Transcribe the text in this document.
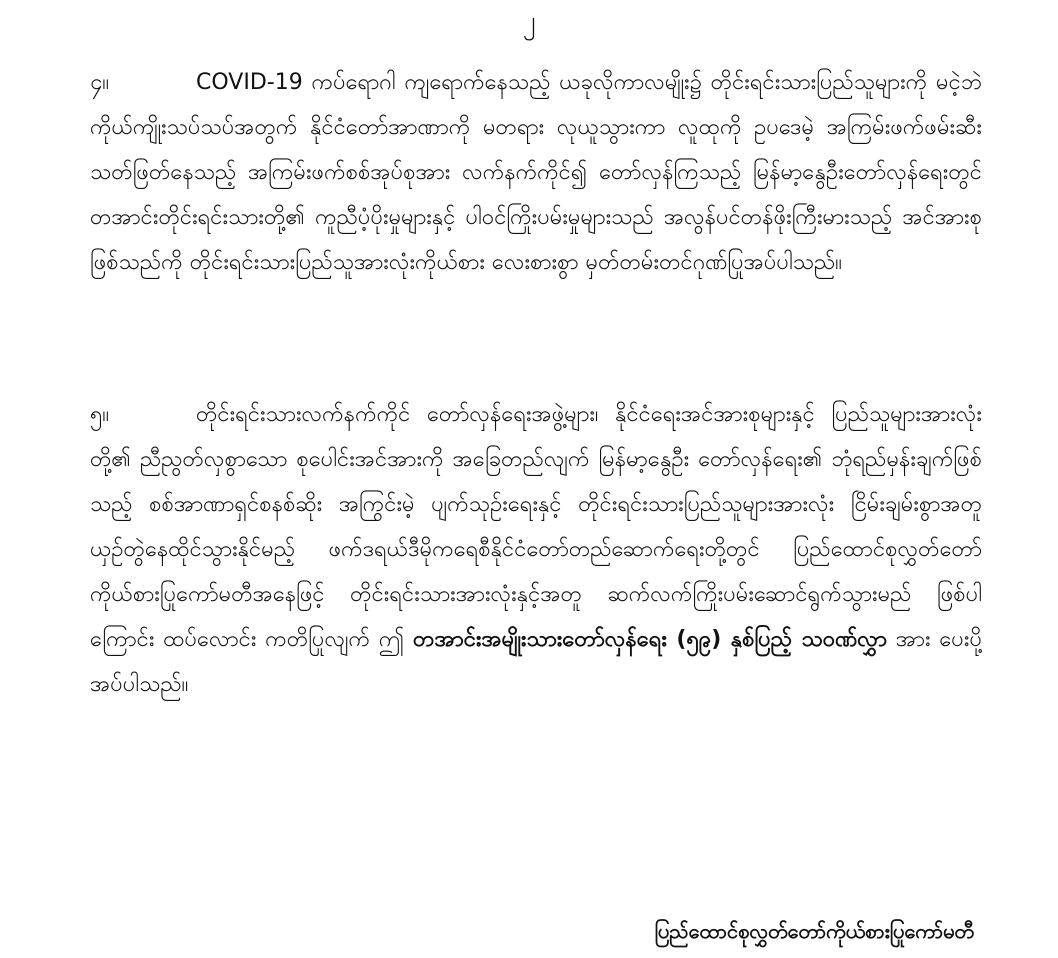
၂
၄။	COVID-19 ကပ်ရောဂါ ကျရောက်နေသည့် ယခုလိုကာလမျိုး၌ တိုင်းရင်းသားပြည်သူများကို မငဲ့ဘဲ ကိုယ်ကျိုးသပ်သပ်အတွက် နိုင်ငံတော်အာဏာကို မတရား လုယူသွားကာ လူထုကို ဥပဒေမဲ့ အကြမ်းဖက်ဖမ်းဆီးသတ်ဖြတ်နေသည့် အကြမ်းဖက်စစ်အုပ်စုအား လက်နက်ကိုင်၍ တော်လှန်ကြသည့် မြန်မာ့နွေဦးတော်လှန်ရေးတွင် တအာင်းတိုင်းရင်းသားတို့၏ ကူညီပံ့ပိုးမှုများနှင့် ပါဝင်ကြိုးပမ်းမှုများသည် အလွန်ပင်တန်ဖိုးကြီးမားသည့် အင်အားစုဖြစ်သည်ကို တိုင်းရင်းသားပြည်သူအားလုံးကိုယ်စား လေးစားစွာ မှတ်တမ်းတင်ဂုဏ်ပြုအပ်ပါသည်။
၅။	တိုင်းရင်းသားလက်နက်ကိုင် တော်လှန်ရေးအဖွဲ့များ၊ နိုင်ငံရေးအင်အားစုများနှင့် ပြည်သူများအားလုံးတို့၏ ညီညွတ်လှစွာသော စုပေါင်းအင်အားကို အခြေတည်လျက် မြန်မာ့နွေဦး တော်လှန်ရေး၏ ဘုံရည်မှန်းချက်ဖြစ်သည့် စစ်အာဏာရှင်စနစ်ဆိုး အကြွင်းမဲ့ ပျက်သုဉ်းရေးနှင့် တိုင်းရင်းသားပြည်သူများအားလုံး ငြိမ်းချမ်းစွာအတူယှဉ်တွဲနေထိုင်သွားနိုင်မည့် ဖက်ဒရယ်ဒီမိုကရေစီနိုင်ငံတော်တည်ဆောက်ရေးတို့တွင် ပြည်ထောင်စုလွှတ်တော်ကိုယ်စားပြုကော်မတီအနေဖြင့် တိုင်းရင်းသားအားလုံးနှင့်အတူ ဆက်လက်ကြိုးပမ်းဆောင်ရွက်သွားမည် ဖြစ်ပါကြောင်း ထပ်လောင်း ကတိပြုလျက် ဤ တအာင်းအမျိုးသားတော်လှန်ရေး (၅၉) နှစ်ပြည့် သဝဏ်လွှာ အား ပေးပို့အပ်ပါသည်။
ပြည်ထောင်စုလွှတ်တော်ကိုယ်စားပြုကော်မတီ
